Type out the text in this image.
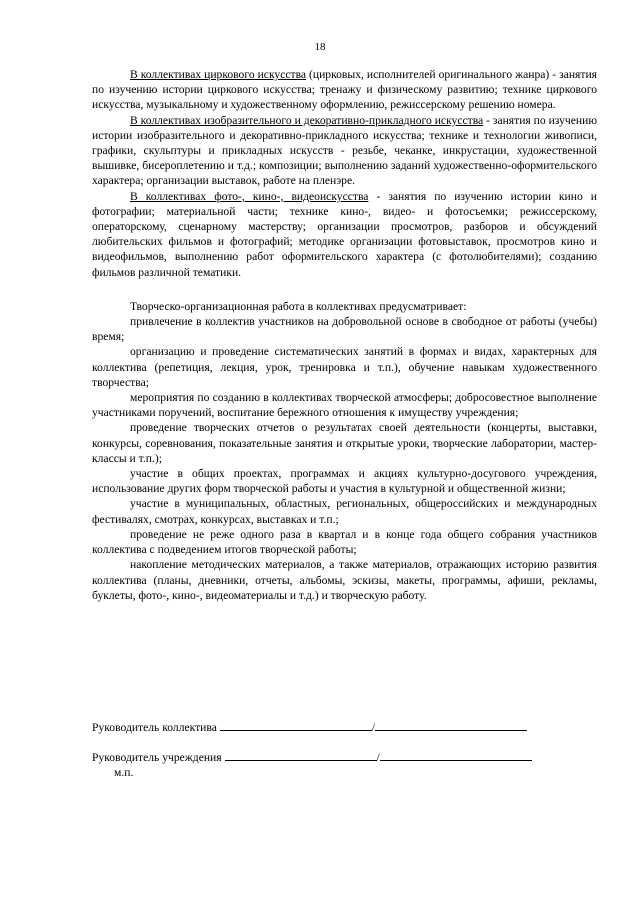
18

В коллективах циркового искусства (цирковых, исполнителей оригинального жанра) - занятия по изучению истории циркового искусства; тренажу и физическому развитию; технике циркового искусства, музыкальному и художественному оформлению, режиссерскому решению номера.

В коллективах изобразительного и декоративно-прикладного искусства - занятия по изучению истории изобразительного и декоративно-прикладного искусства; технике и технологии живописи, графики, скульптуры и прикладных искусств - резьбе, чеканке, инкрустации, художественной вышивке, бисероплетению и т.д.; композиции; выполнению заданий художественно-оформительского характера; организации выставок, работе на пленэре.

В коллективах фото-, кино-, видеоискусства - занятия по изучению истории кино и фотографии; материальной части; технике кино-, видео- и фотосъемки; режиссерскому, операторскому, сценарному мастерству; организации просмотров, разборов и обсуждений любительских фильмов и фотографий; методике организации фотовыставок, просмотров кино и видеофильмов, выполнению работ оформительского характера (с фотолюбителями); созданию фильмов различной тематики.

Творческо-организационная работа в коллективах предусматривает:

привлечение в коллектив участников на добровольной основе в свободное от работы (учебы) время;

организацию и проведение систематических занятий в формах и видах, характерных для коллектива (репетиция, лекция, урок, тренировка и т.п.), обучение навыкам художественного творчества;

мероприятия по созданию в коллективах творческой атмосферы; добросовестное выполнение участниками поручений, воспитание бережного отношения к имуществу учреждения;

проведение творческих отчетов о результатах своей деятельности (концерты, выставки, конкурсы, соревнования, показательные занятия и открытые уроки, творческие лаборатории, мастер-классы и т.п.);

участие в общих проектах, программах и акциях культурно-досугового учреждения, использование других форм творческой работы и участия в культурной и общественной жизни;

участие в муниципальных, областных, региональных, общероссийских и международных фестивалях, смотрах, конкурсах, выставках и т.п.;

проведение не реже одного раза в квартал и в конце года общего собрания участников коллектива с подведением итогов творческой работы;

накопление методических материалов, а также материалов, отражающих историю развития коллектива (планы, дневники, отчеты, альбомы, эскизы, макеты, программы, афиши, рекламы, буклеты, фото-, кино-, видеоматериалы и т.д.) и творческую работу.

Руководитель коллектива	/
Руководитель учреждения	/
м.п.
